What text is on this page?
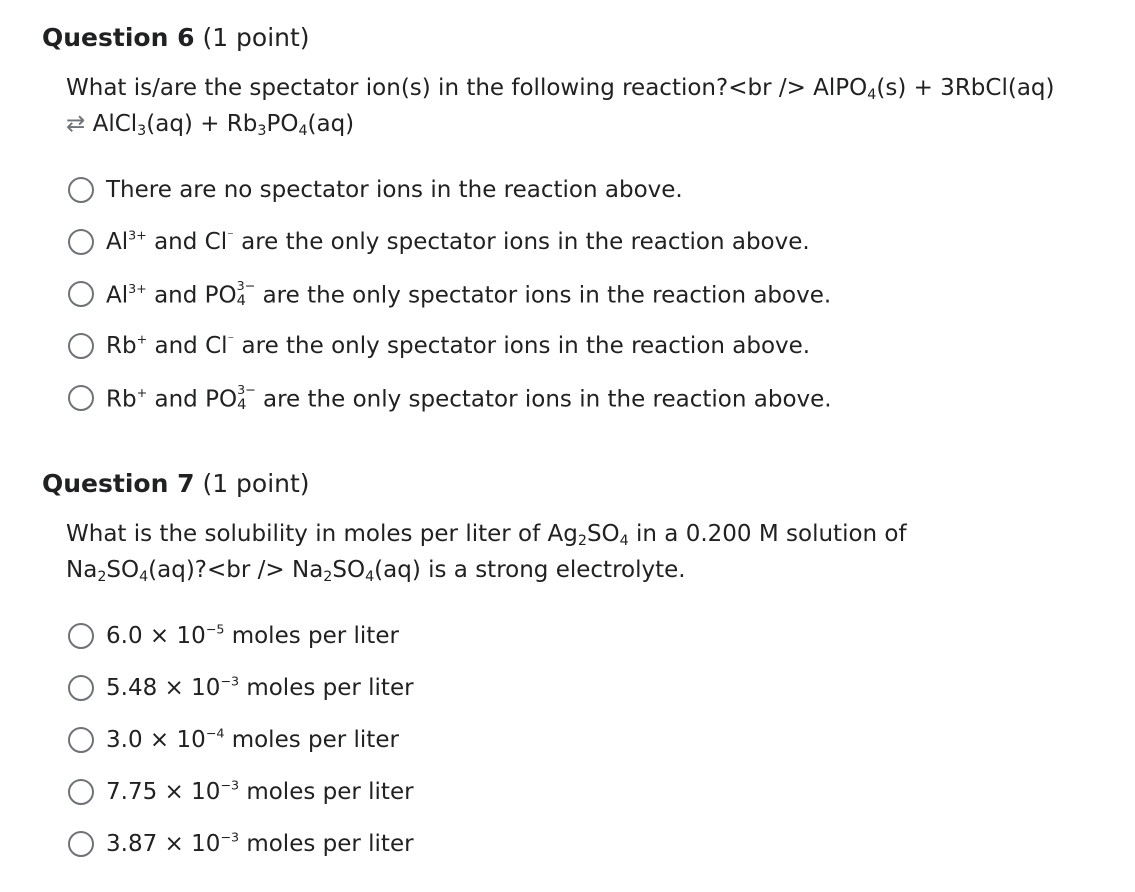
Question 6 (1 point)

What is/are the spectator ion(s) in the following reaction?<br /> AlPO$_4$(s) + 3RbCl(aq)

⇄ AlCl$_3$(aq) + $Rb_3PO_4(aq)$

There are no spectator ions in the reaction above.
$Al^{3+}$ and Cl⁻ are the only spectator ions in the reaction above.
$Al^{3+}$ and PO 3−
4 are the only spectator ions in the reaction above.
Rb+ and Cl⁻ are the only spectator ions in the reaction above.
Rb+ and PO 3−
4 are the only spectator ions in the reaction above.
Question 7 (1 point)

What is the solubility in moles per liter of $Ag_2SO_4$ in a 0.200 M solution of

$Na_2SO_4(aq)?<br /> Na_2SO_4(aq)$ is a strong electrolyte.

$6.0 \times 10^{-5}$ moles per liter
$5.48 \times 10^{-3}$ moles per liter
$3.0 \times 10^{-4}$ moles per liter
$7.75 \times 10^{-3}$ moles per liter
$3.87 \times 10^{-3}$ moles per liter
